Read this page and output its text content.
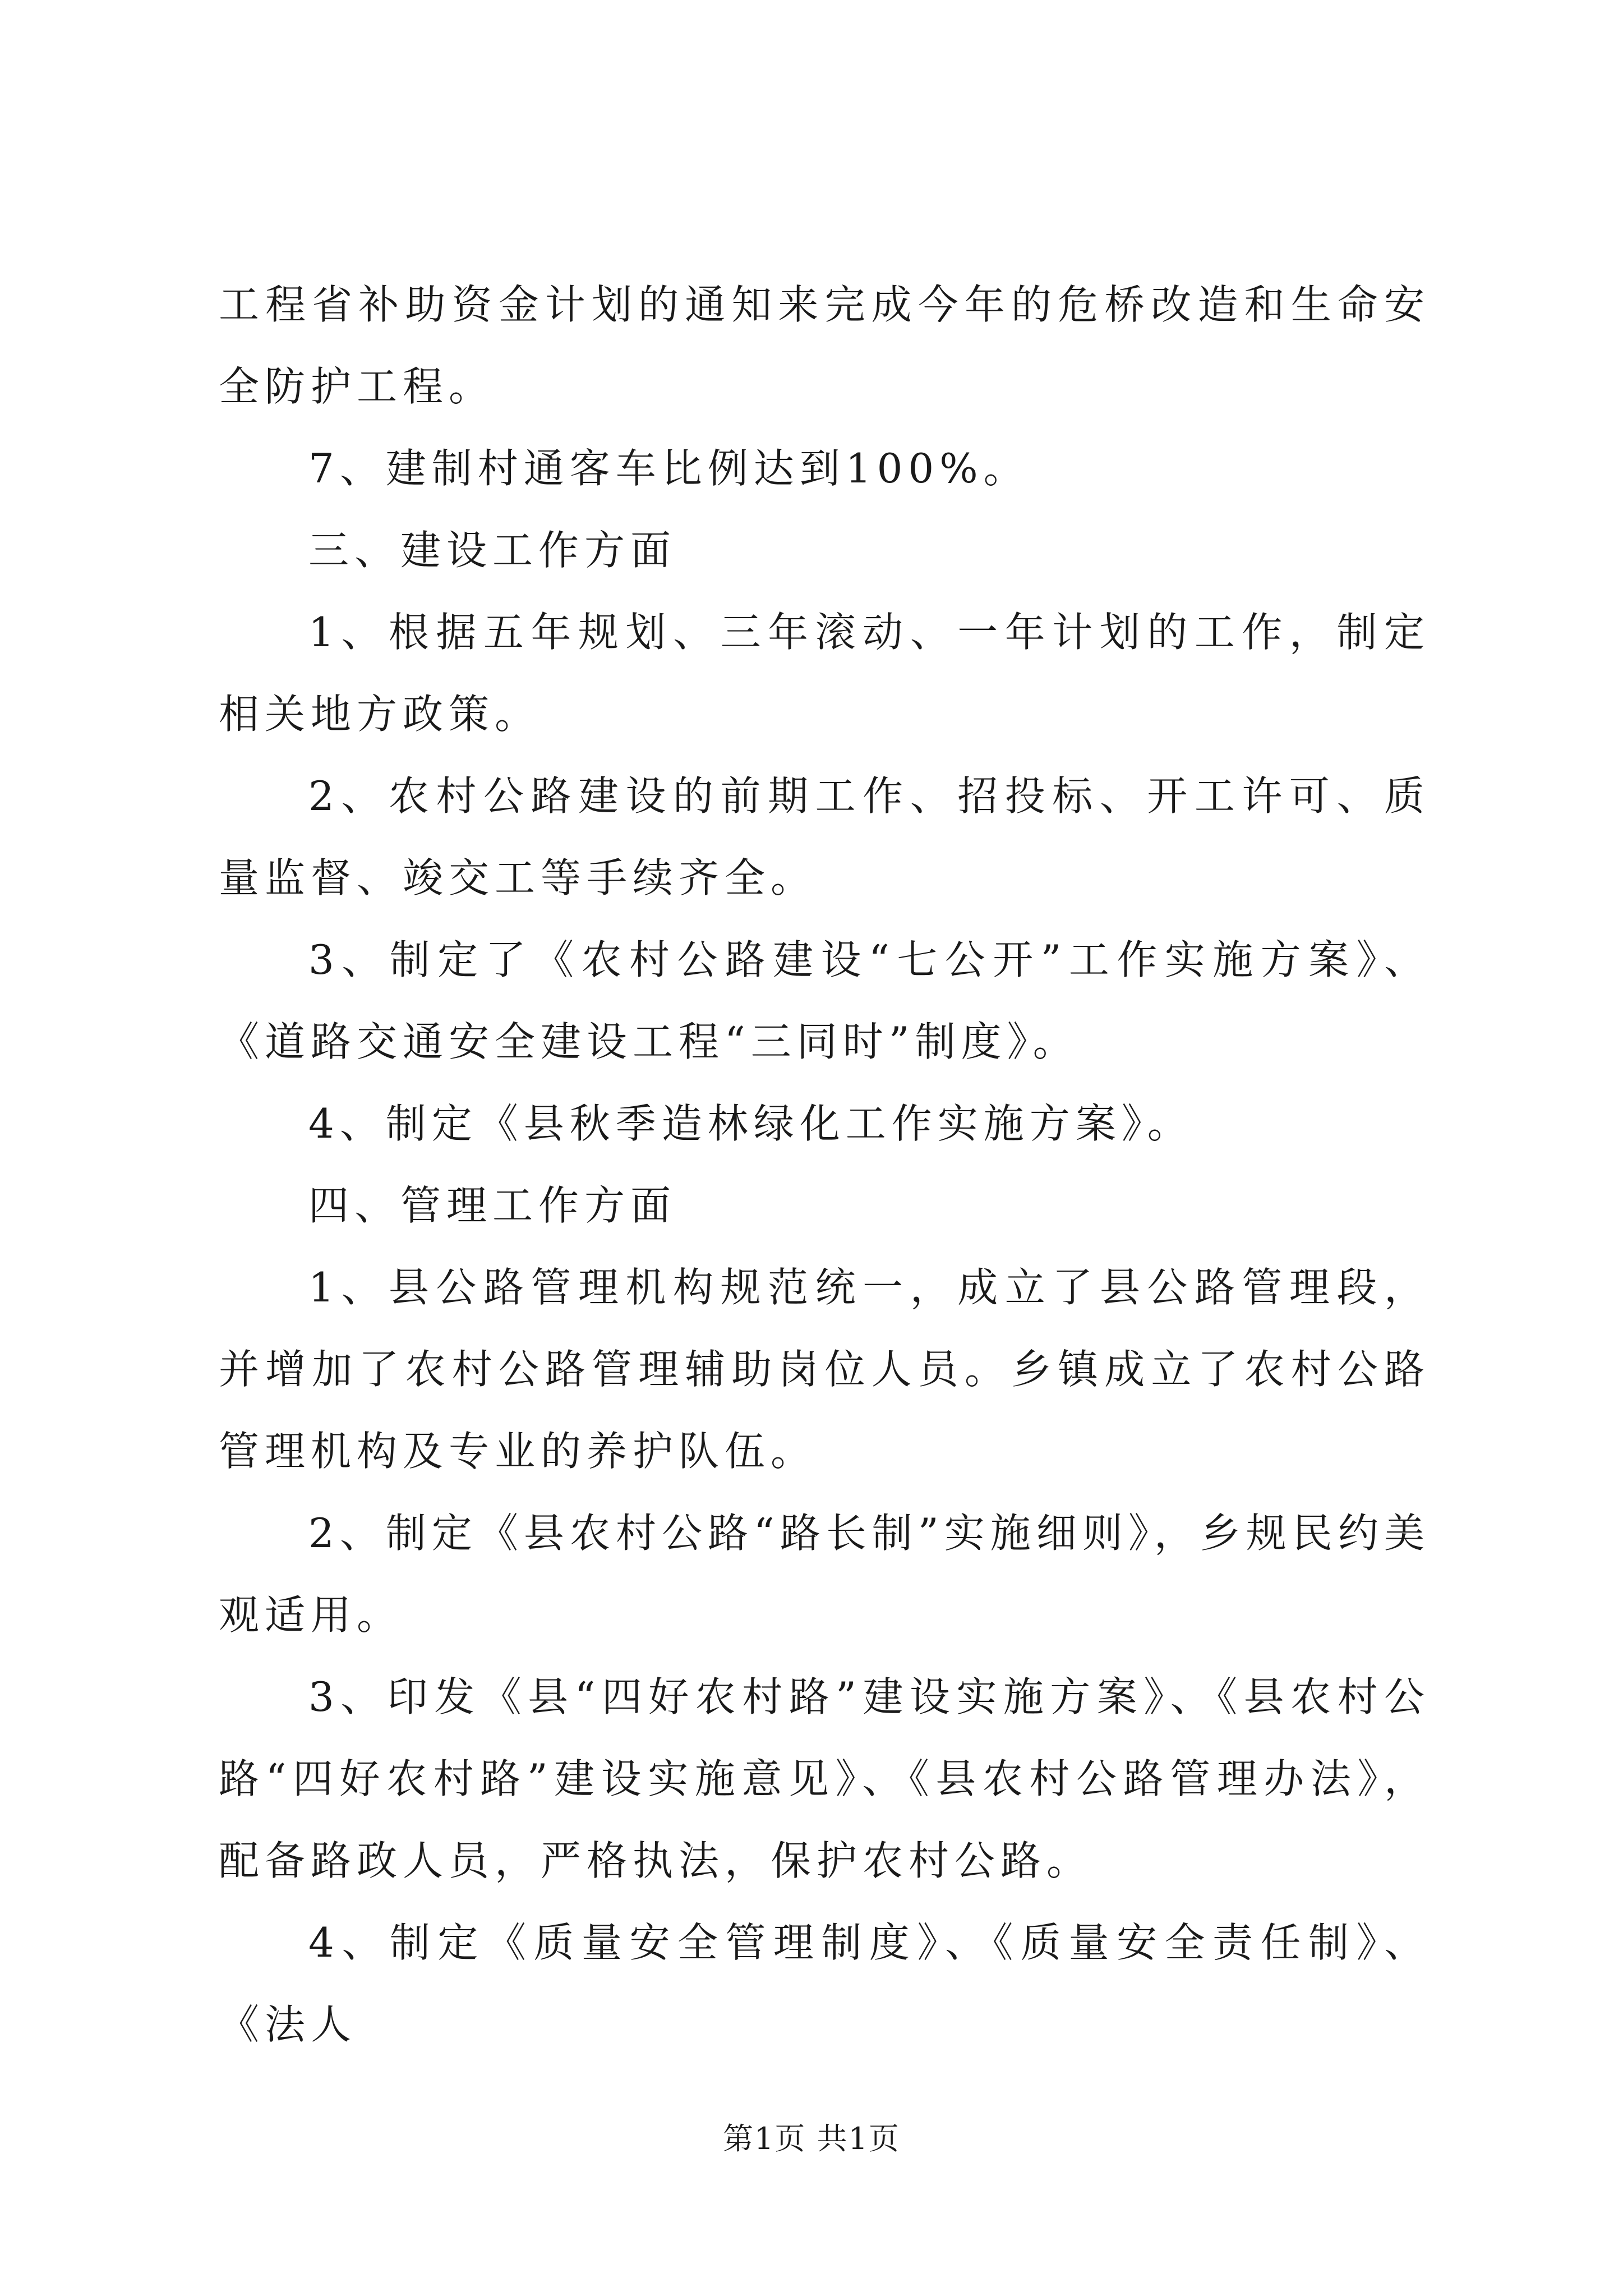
工程省补助资金计划的通知来完成今年的危桥改造和生命安全防护工程。

7、建制村通客车比例达到100%。

三、建设工作方面

1、根据五年规划、三年滚动、一年计划的工作，制定相关地方政策。

2、农村公路建设的前期工作、招投标、开工许可、质量监督、竣交工等手续齐全。

3、制定了《农村公路建设“七公开”工作实施方案》、《道路交通安全建设工程“三同时”制度》。

4、制定《县秋季造林绿化工作实施方案》。

四、管理工作方面

1、县公路管理机构规范统一，成立了县公路管理段，并增加了农村公路管理辅助岗位人员。乡镇成立了农村公路管理机构及专业的养护队伍。

2、制定《县农村公路“路长制”实施细则》，乡规民约美观适用。

3、印发《县“四好农村路”建设实施方案》、《县农村公路“四好农村路”建设实施意见》、《县农村公路管理办法》，配备路政人员，严格执法，保护农村公路。

4、制定《质量安全管理制度》、《质量安全责任制》、《法人

第1页 共1页
